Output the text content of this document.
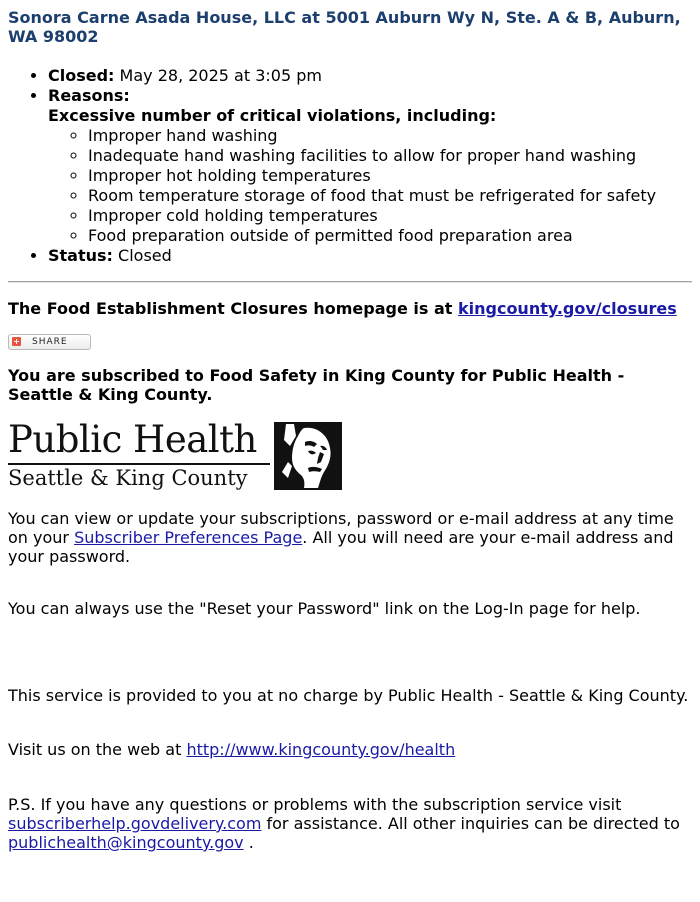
Sonora Carne Asada House, LLC at 5001 Auburn Wy N, Ste. A & B, Auburn, WA 98002
• Closed: May 28, 2025 at 3:05 pm
• Reasons:
Excessive number of critical violations, including:
◦ Improper hand washing
◦ Inadequate hand washing facilities to allow for proper hand washing
◦ Improper hot holding temperatures
◦ Room temperature storage of food that must be refrigerated for safety
◦ Improper cold holding temperatures
◦ Food preparation outside of permitted food preparation area
• Status: Closed
The Food Establishment Closures homepage is at kingcounty.gov/closures
+ SHARE
You are subscribed to Food Safety in King County for Public Health - Seattle & King County.
Public Health
Seattle & King County

You can view or update your subscriptions, password or e-mail address at any time on your Subscriber Preferences Page. All you will need are your e-mail address and your password.

You can always use the "Reset your Password" link on the Log-In page for help.

This service is provided to you at no charge by Public Health - Seattle & King County.

Visit us on the web at http://www.kingcounty.gov/health

P.S. If you have any questions or problems with the subscription service visit
subscriberhelp.govdelivery.com for assistance. All other inquiries can be directed to
publichealth@kingcounty.gov .
